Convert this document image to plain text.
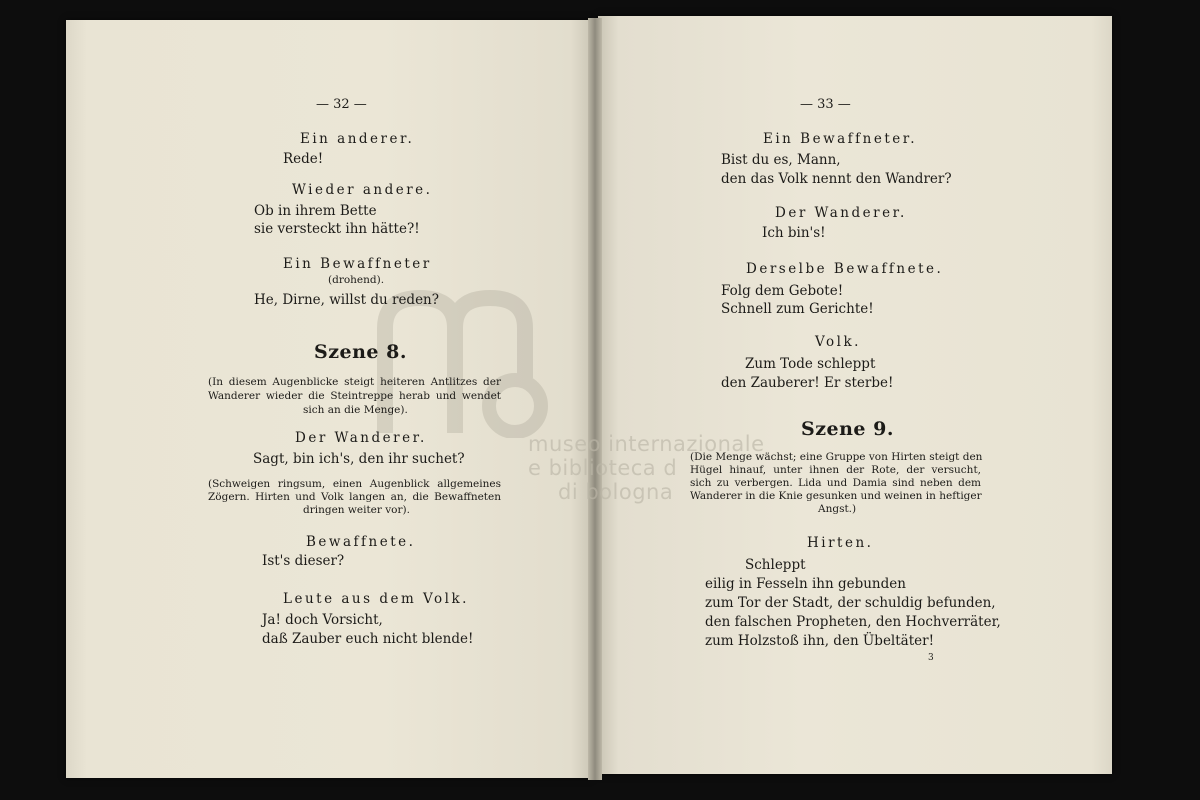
museo internazionale
e biblioteca d
di bologna
— 32 —
Ein anderer.
Rede!
Wieder andere.
Ob in ihrem Bette
sie versteckt ihn hätte?!
Ein Bewaffneter
(drohend).
He, Dirne, willst du reden?
Szene 8.
(In diesem Augenblicke steigt heiteren Antlitzes der
Wanderer wieder die Steintreppe herab und wendet
sich an die Menge).
Der Wanderer.
Sagt, bin ich's, den ihr suchet?
(Schweigen ringsum, einen Augenblick allgemeines
Zögern. Hirten und Volk langen an, die Bewaffneten
dringen weiter vor).
Bewaffnete.
Ist's dieser?
Leute aus dem Volk.
Ja! doch Vorsicht,
daß Zauber euch nicht blende!
— 33 —
Ein Bewaffneter.
Bist du es, Mann,
den das Volk nennt den Wandrer?
Der Wanderer.
Ich bin's!
Derselbe Bewaffnete.
Folg dem Gebote!
Schnell zum Gerichte!
Volk.
Zum Tode schleppt
den Zauberer! Er sterbe!
Szene 9.
(Die Menge wächst; eine Gruppe von Hirten steigt den
Hügel hinauf, unter ihnen der Rote, der versucht,
sich zu verbergen. Lida und Damia sind neben dem
Wanderer in die Knie gesunken und weinen in heftiger
Angst.)
Hirten.
Schleppt
eilig in Fesseln ihn gebunden
zum Tor der Stadt, der schuldig befunden,
den falschen Propheten, den Hochverräter,
zum Holzstoß ihn, den Übeltäter!
3
